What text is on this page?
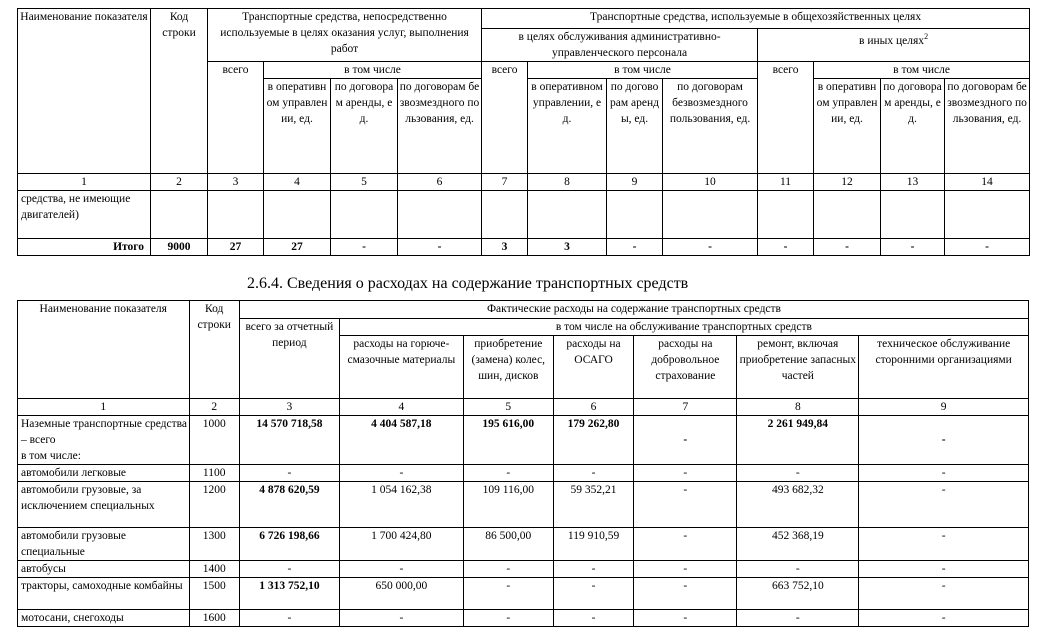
Наименование показателя	Код строки	Транспортные средства, непосредственно используемые в целях оказания услуг, выполнения работ				Транспортные средства, используемые в общехозяйственных целях							
						в целях обслуживания административно-управленческого персонала				в иных целях$^2$
		всего	в том числе			всего	в том числе			всего	в том числе		
			в оперативном управлении, ед.	по договорам аренды, ед.	по договорам безвозмездного пользования, ед.		в оперативном управлении, ед.	по договорам аренды, ед.	по договорам безвозмездного пользования, ед.		в оперативном управлении, ед.	по договорам аренды, ед.	по договорам безвозмездного пользования, ед.
1	2	3	4	5	6	7	8	9	10	11	12	13	14
средства, не имеющие двигателей)													
Итого	9000	27	27	-	-	3	3	-	-	-	-	-	-
2.6.4. Сведения о расходах на содержание транспортных средств
Наименование показателя	Код строки	Фактические расходы на содержание транспортных средств						
		всего за отчетный период	в том числе на обслуживание транспортных средств					
			расходы на горюче-смазочные материалы	приобретение (замена) колес, шин, дисков	расходы на ОСАГО	расходы на добровольное страхование	ремонт, включая приобретение запасных частей	техническое обслуживание сторонними организациями
1	2	3	4	5	6	7	8	9
Наземные транспортные средства – всего
в том числе:	1000	14 570 718,58	4 404 587,18	195 616,00	179 262,80	-	2 261 949,84	-
автомобили легковые	1100	-	-	-	-	-	-	-
автомобили грузовые, за исключением специальных	1200	4 878 620,59	1 054 162,38	109 116,00	59 352,21	-	493 682,32	-
автомобили грузовые специальные	1300	6 726 198,66	1 700 424,80	86 500,00	119 910,59	-	452 368,19	-
автобусы	1400	-	-	-	-	-	-	-
тракторы, самоходные комбайны	1500	1 313 752,10	650 000,00	-	-	-	663 752,10	-
мотосани, снегоходы	1600	-	-	-	-	-	-	-
